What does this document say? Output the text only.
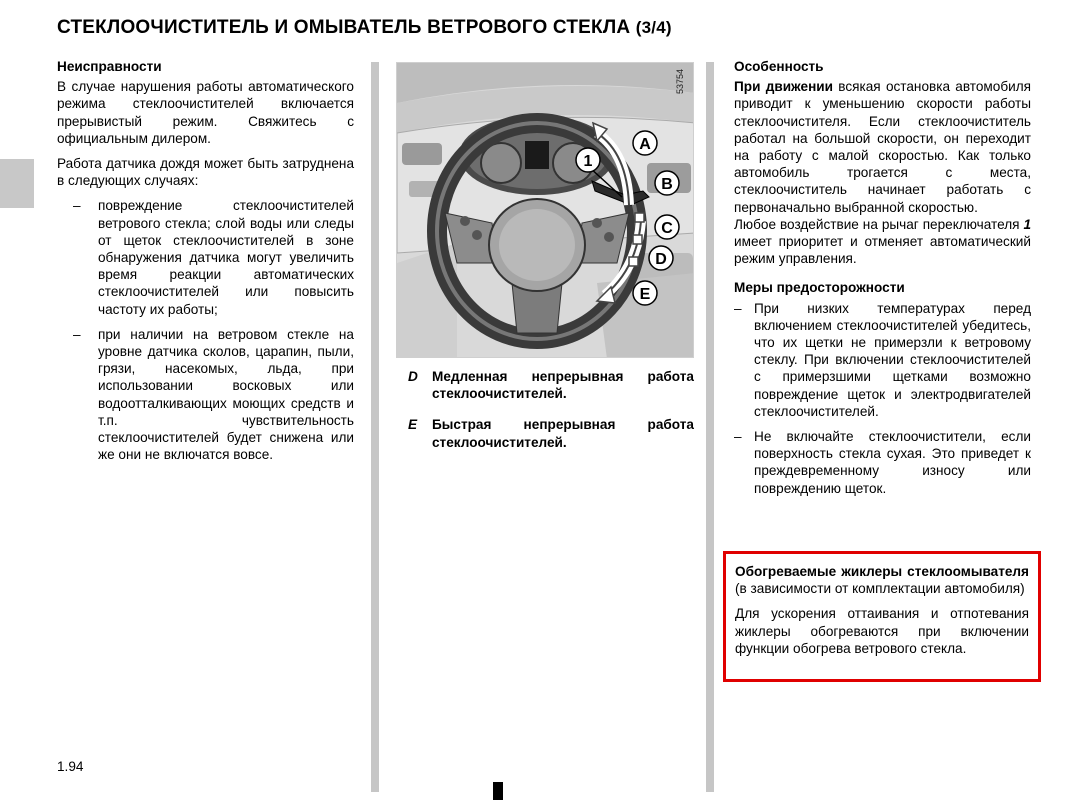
СТЕКЛООЧИСТИТЕЛЬ И ОМЫВАТЕЛЬ ВЕТРОВОГО СТЕКЛА (3/4)
Неисправности
В случае нарушения работы автоматического режима стеклоочистителей включается прерывистый режим. Свяжитесь с официальным дилером.
Работа датчика дождя может быть затруднена в следующих случаях:
– повреждение стеклоочистителей ветрового стекла; слой воды или следы от щеток стеклоочистителей в зоне обнаружения датчика могут увеличить время реакции автоматических стеклоочистителей или повысить частоту их работы;
– при наличии на ветровом стекле на уровне датчика сколов, царапин, пыли, грязи, насекомых, льда, при использовании восковых или водоотталкивающих моющих средств и т.п. чувствительность стеклоочистителей будет снижена или же они не включатся вовсе.
1
A
B
C
D
E
53754
D	Медленная непрерывная работа стеклоочистителей.
E	Быстрая непрерывная работа стеклоочистителей.
Особенность
При движении всякая остановка автомобиля приводит к уменьшению скорости работы стеклоочистителя. Если стеклоочиститель работал на большой скорости, он переходит на работу с малой скоростью. Как только автомобиль трогается с места, стеклоочиститель начинает работать с первоначально выбранной скоростью.
Любое воздействие на рычаг переключателя 1 имеет приоритет и отменяет автоматический режим управления.
Меры предосторожности
– При низких температурах перед включением стеклоочистителей убедитесь, что их щетки не примерзли к ветровому стеклу. При включении стеклоочистителей с примерзшими щетками возможно повреждение щеток и электродвигателей стеклоочистителей.
– Не включайте стеклоочистители, если поверхность стекла сухая. Это приведет к преждевременному износу или повреждению щеток.
Обогреваемые жиклеры стеклоомывателя (в зависимости от комплектации автомобиля)
Для ускорения оттаивания и отпотевания жиклеры обогреваются при включении функции обогрева ветрового стекла.
1.94
